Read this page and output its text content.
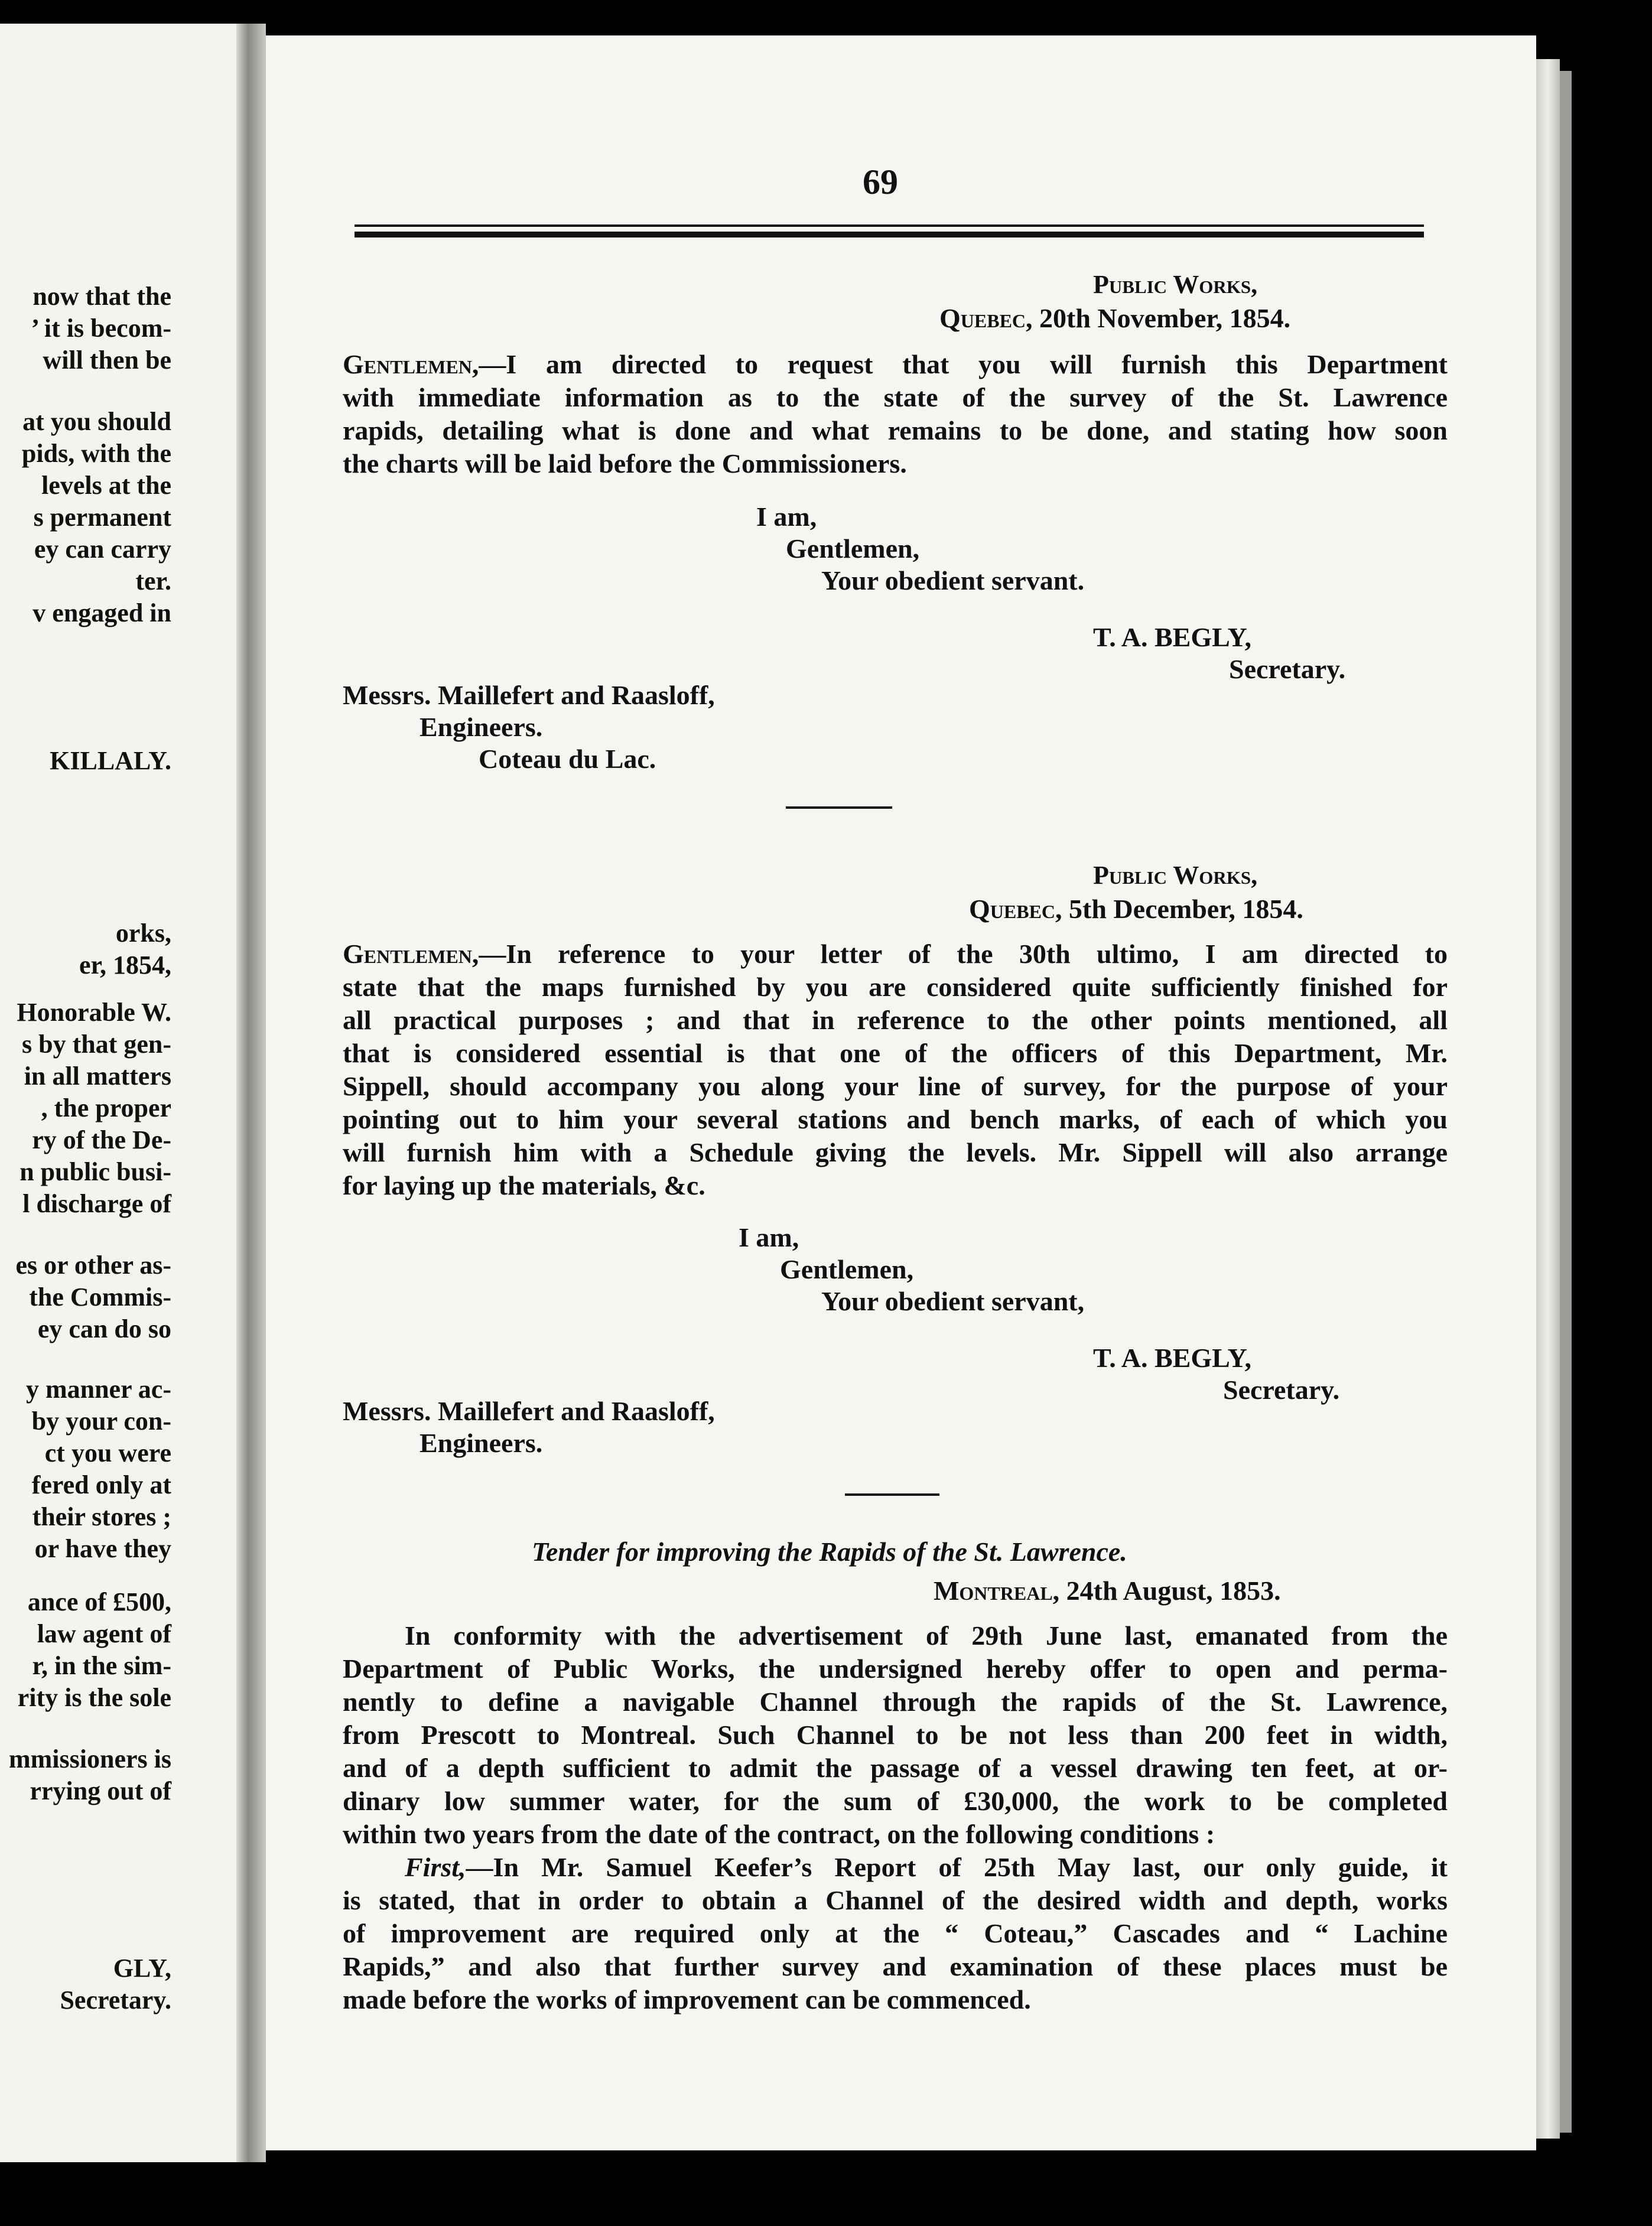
now that the
’ it is becom-
will then be
at you should
pids, with the
levels at the
s permanent
ey can carry
ter.
v engaged in
KILLALY.
orks,
er, 1854,
Honorable W.
s by that gen-
in all matters
, the proper
ry of the De-
n public busi-
l discharge of
es or other as-
the Commis-
ey can do so
y manner ac-
by your con-
ct you were
fered only at
their stores ;
or have they
ance of £500,
law agent of
r, in the sim-
rity is the sole
mmissioners is
rrying out of
GLY,
Secretary.
69
Public Works,
Quebec, 20th November, 1854.
Gentlemen,—I am directed to request that you will furnish this Department
with immediate information as to the state of the survey of the St. Lawrence
rapids, detailing what is done and what remains to be done, and stating how soon
the charts will be laid before the Commissioners.
I am,
Gentlemen,
Your obedient servant.
T. A. BEGLY,
Secretary.
Messrs. Maillefert and Raasloff,
Engineers.
Coteau du Lac.
Public Works,
Quebec, 5th December, 1854.
Gentlemen,—In reference to your letter of the 30th ultimo, I am directed to
state that the maps furnished by you are considered quite sufficiently finished for
all practical purposes ; and that in reference to the other points mentioned, all
that is considered essential is that one of the officers of this Department, Mr.
Sippell, should accompany you along your line of survey, for the purpose of your
pointing out to him your several stations and bench marks, of each of which you
will furnish him with a Schedule giving the levels. Mr. Sippell will also arrange
for laying up the materials, &c.
I am,
Gentlemen,
Your obedient servant,
T. A. BEGLY,
Secretary.
Messrs. Maillefert and Raasloff,
Engineers.
Tender for improving the Rapids of the St. Lawrence.
Montreal, 24th August, 1853.
In conformity with the advertisement of 29th June last, emanated from the
Department of Public Works, the undersigned hereby offer to open and perma-
nently to define a navigable Channel through the rapids of the St. Lawrence,
from Prescott to Montreal. Such Channel to be not less than 200 feet in width,
and of a depth sufficient to admit the passage of a vessel drawing ten feet, at or-
dinary low summer water, for the sum of £30,000, the work to be completed
within two years from the date of the contract, on the following conditions :
First,—In Mr. Samuel Keefer’s Report of 25th May last, our only guide, it
is stated, that in order to obtain a Channel of the desired width and depth, works
of improvement are required only at the “ Coteau,” Cascades and “ Lachine
Rapids,” and also that further survey and examination of these places must be
made before the works of improvement can be commenced.
